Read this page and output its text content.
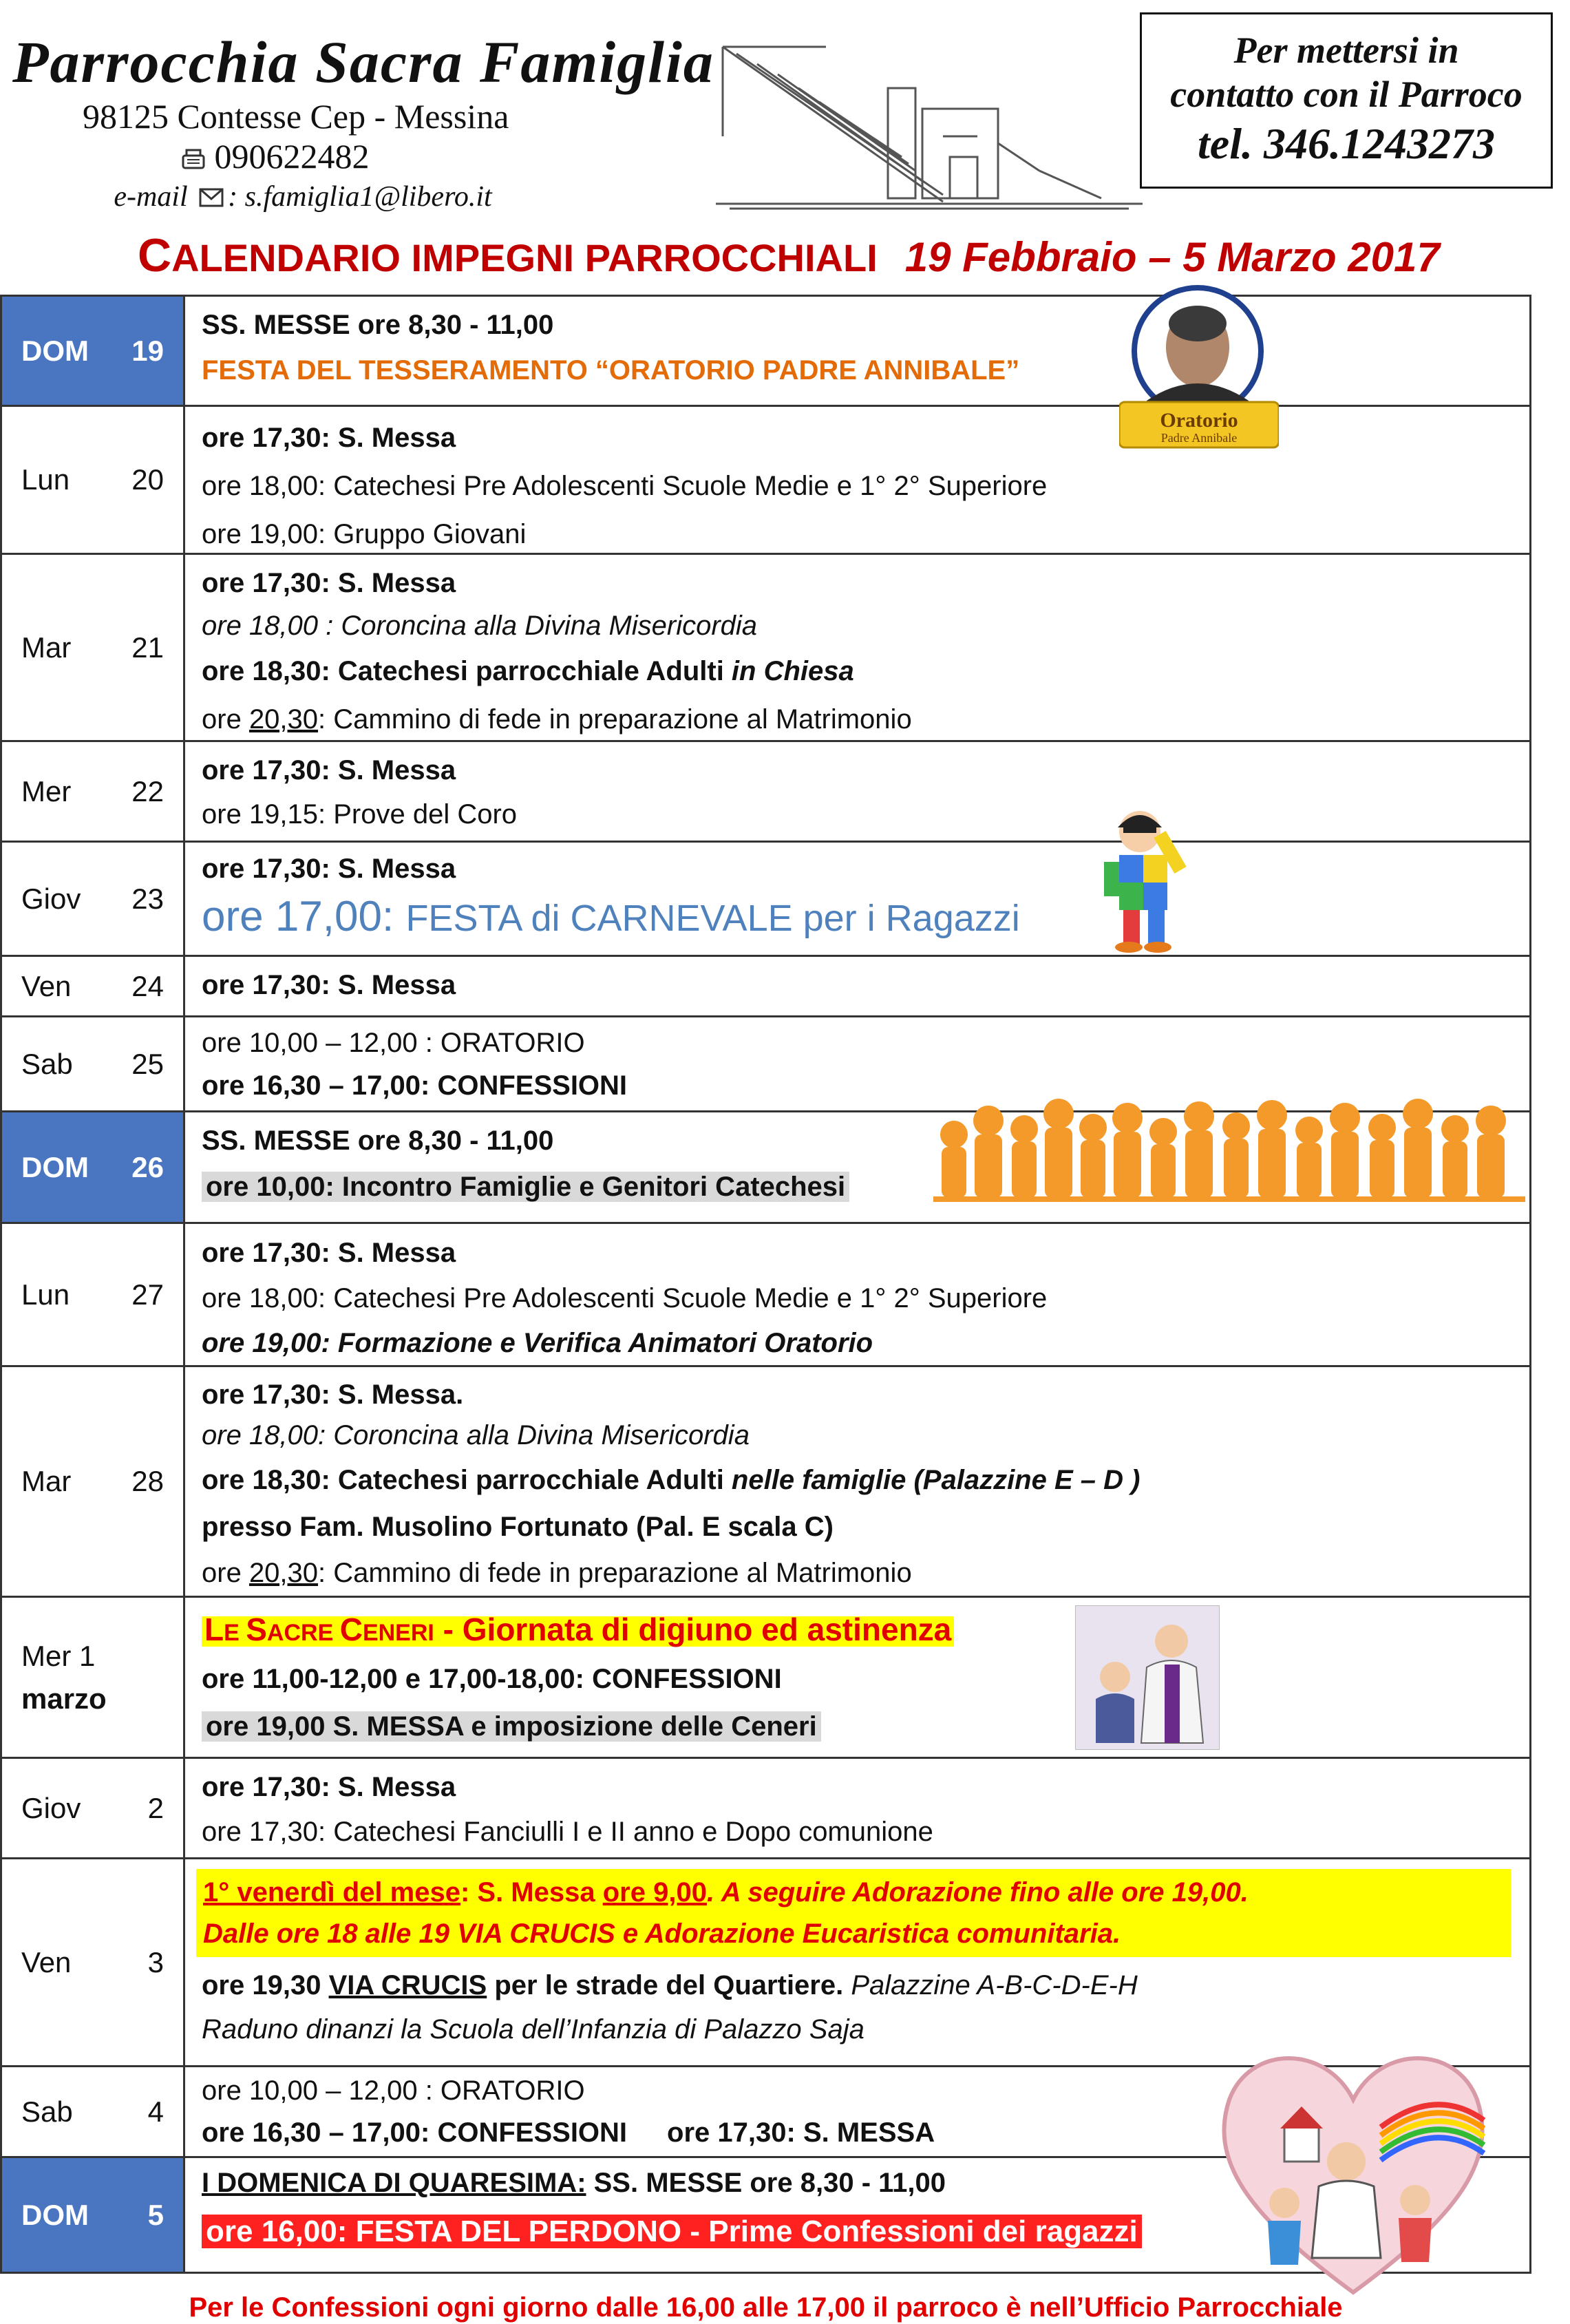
Parrocchia Sacra Famiglia
98125 Contesse Cep - Messina
090622482
e-mail : s.famiglia1@libero.it
Per mettersi in
contatto con il Parroco
tel. 346.1243273
CALENDARIO IMPEGNI PARROCCHIALI 19 Febbraio – 5 Marzo 2017
DOM 19
SS. MESSE ore 8,30 - 11,00
FESTA DEL TESSERAMENTO “ORATORIO PADRE ANNIBALE”
Lun 20
ore 17,30: S. Messa
ore 18,00: Catechesi Pre Adolescenti Scuole Medie e 1° 2° Superiore
ore 19,00: Gruppo Giovani
Mar 21
ore 17,30: S. Messa
ore 18,00 : Coroncina alla Divina Misericordia
ore 18,30: Catechesi parrocchiale Adulti in Chiesa
ore 20,30: Cammino di fede in preparazione al Matrimonio
Mer 22
ore 17,30: S. Messa
ore 19,15: Prove del Coro
Giov 23
ore 17,30: S. Messa
ore 17,00: FESTA di CARNEVALE per i Ragazzi
Ven 24 ore 17,30: S. Messa
Sab 25
ore 10,00 – 12,00 : ORATORIO
ore 16,30 – 17,00: CONFESSIONI
DOM 26
SS. MESSE ore 8,30 - 11,00
ore 10,00: Incontro Famiglie e Genitori Catechesi
Lun 27
ore 17,30: S. Messa
ore 18,00: Catechesi Pre Adolescenti Scuole Medie e 1° 2° Superiore
ore 19,00: Formazione e Verifica Animatori Oratorio
Mar 28
ore 17,30: S. Messa.
ore 18,00: Coroncina alla Divina Misericordia
ore 18,30: Catechesi parrocchiale Adulti nelle famiglie (Palazzine E – D )
presso Fam. Musolino Fortunato (Pal. E scala C)
ore 20,30: Cammino di fede in preparazione al Matrimonio
Mer 1
marzo
LE SACRE CENERI - Giornata di digiuno ed astinenza
ore 11,00-12,00 e 17,00-18,00: CONFESSIONI
ore 19,00 S. MESSA e imposizione delle Ceneri
Giov 2
ore 17,30: S. Messa
ore 17,30: Catechesi Fanciulli I e II anno e Dopo comunione
Ven	3
1° venerdì del mese: S. Messa ore 9,00. A seguire Adorazione fino alle ore 19,00.
Dalle ore 18 alle 19 VIA CRUCIS e Adorazione Eucaristica comunitaria.
ore 19,30 VIA CRUCIS per le strade del Quartiere. Palazzine A-B-C-D-E-H
Raduno dinanzi la Scuola dell’Infanzia di Palazzo Saja
Sab	4
ore 10,00 – 12,00 : ORATORIO
ore 16,30 – 17,00: CONFESSIONI ore 17,30: S. MESSA
DOM 5
I DOMENICA DI QUARESIMA: SS. MESSE ore 8,30 - 11,00
ore 16,00: FESTA DEL PERDONO - Prime Confessioni dei ragazzi
Per le Confessioni ogni giorno dalle 16,00 alle 17,00 il parroco è nell’Ufficio Parrocchiale
Oratorio
Padre Annibale
